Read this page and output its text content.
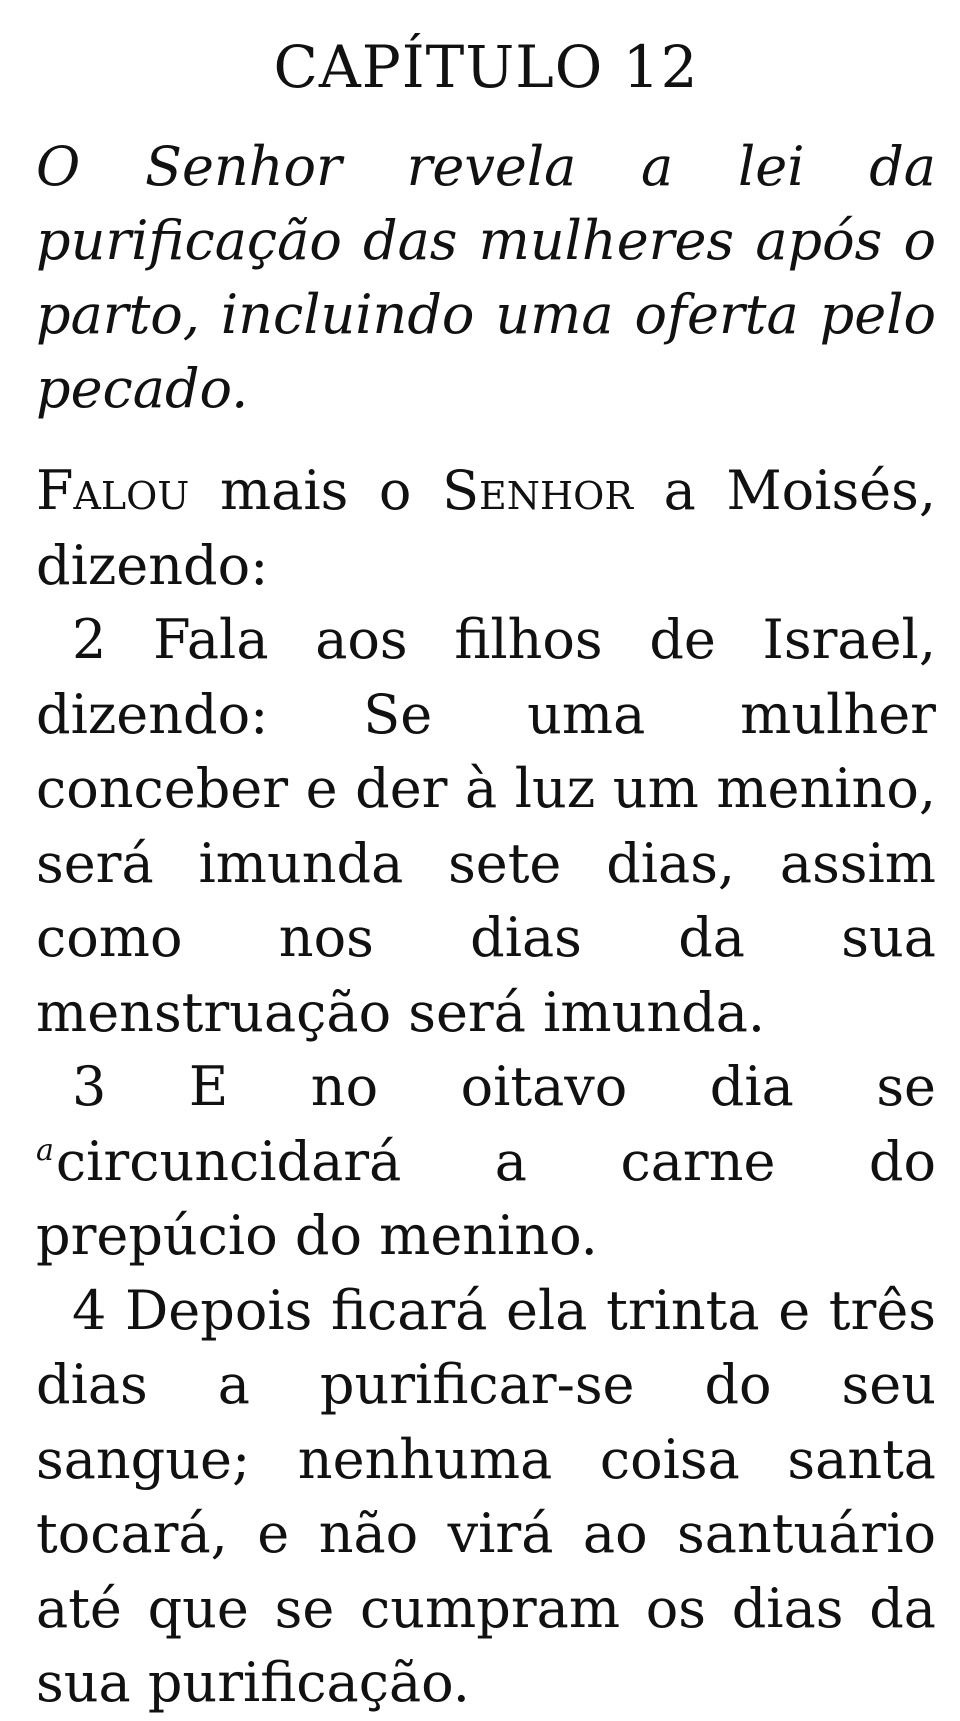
CAPÍTULO 12
O Senhor revela a lei da purificação das mulheres após o parto, incluindo uma oferta pelo pecado.

Falou mais o Senhor a Moisés, dizendo:

2 Fala aos filhos de Israel, dizendo: Se uma mulher conceber e der à luz um menino, será imunda sete dias, assim como nos dias da sua menstruação será imunda.

3 E no oitavo dia se $^a$circuncidará a carne do prepúcio do menino.

4 Depois ficará ela trinta e três dias a purificar-se do seu sangue; nenhuma coisa santa tocará, e não virá ao santuário até que se cumpram os dias da sua purificação.
